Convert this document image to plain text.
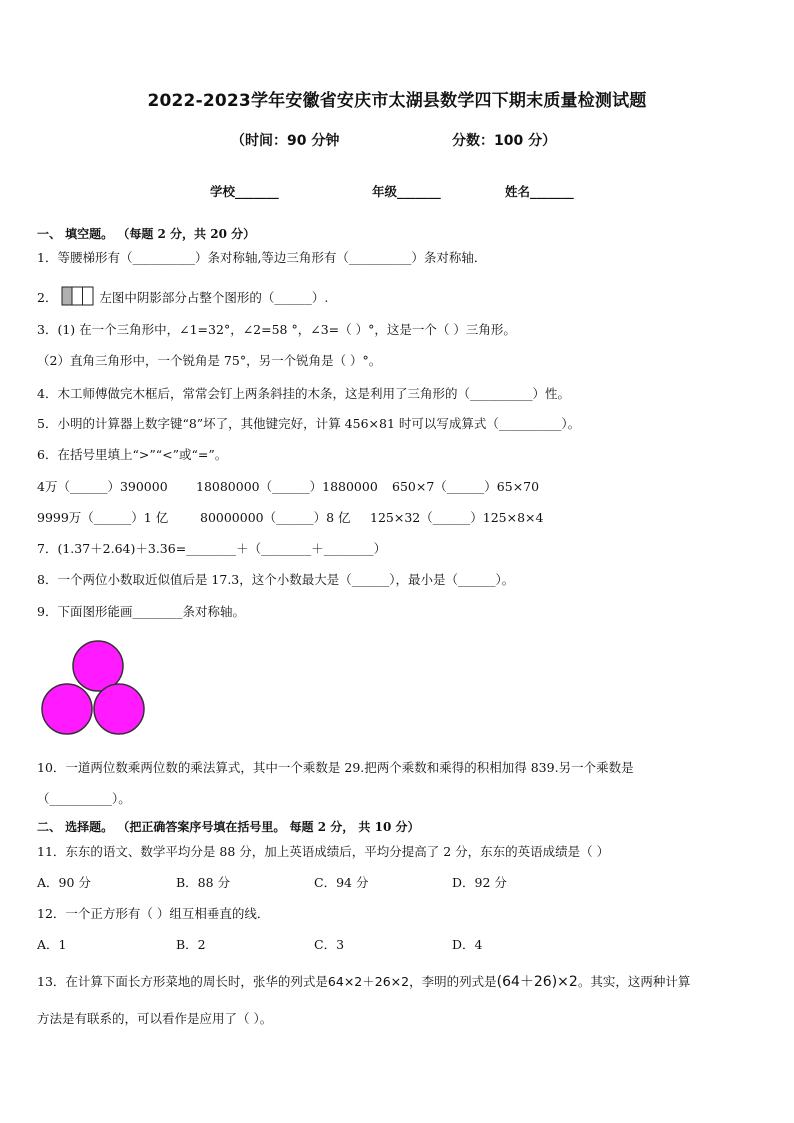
2022-2023学年安徽省安庆市太湖县数学四下期末质量检测试题
（时间：90 分钟	分数：100 分）
学校_______	年级_______	姓名_______
一、 填空题。 （每题 2 分，共 20 分）
1．等腰梯形有（__________）条对称轴,等边三角形有（__________）条对称轴．
2．	左图中阴影部分占整个图形的（______）.
3．(1) 在一个三角形中，∠1=32°，∠2=58 °，∠3=（ ）°，这是一个（ ）三角形。
（2）直角三角形中，一个锐角是 75°，另一个锐角是（ ）°。
4．木工师傅做完木框后，常常会钉上两条斜挂的木条，这是利用了三角形的（__________）性。
5．小明的计算器上数字键“8”坏了，其他键完好，计算 456×81 时可以写成算式（__________）。
6．在括号里填上“>”“<”或“=”。
4万（______）390000 18080000（______）1880000 650×7（______）65×70
9999万（______）1 亿	80000000（______）8 亿 125×32（______）125×8×4
7．(1.37＋2.64)＋3.36=________＋（________＋________）
8．一个两位小数取近似值后是 17.3，这个小数最大是（______），最小是（______）。
9．下面图形能画________条对称轴。
10．一道两位数乘两位数的乘法算式，其中一个乘数是 29.把两个乘数和乘得的积相加得 839.另一个乘数是
（__________）。
二、 选择题。 （把正确答案序号填在括号里。 每题 2 分， 共 10 分）
11．东东的语文、数学平均分是 88 分，加上英语成绩后，平均分提高了 2 分，东东的英语成绩是（ ）
A．90 分	B．88 分	C．94 分	D．92 分
12．一个正方形有（ ）组互相垂直的线．
A．1	B．2	C．3	D．4
13．在计算下面长方形菜地的周长时，张华的列式是64×2＋26×2，李明的列式是(64＋26)×2。其实，这两种计算
方法是有联系的，可以看作是应用了（ ）。
